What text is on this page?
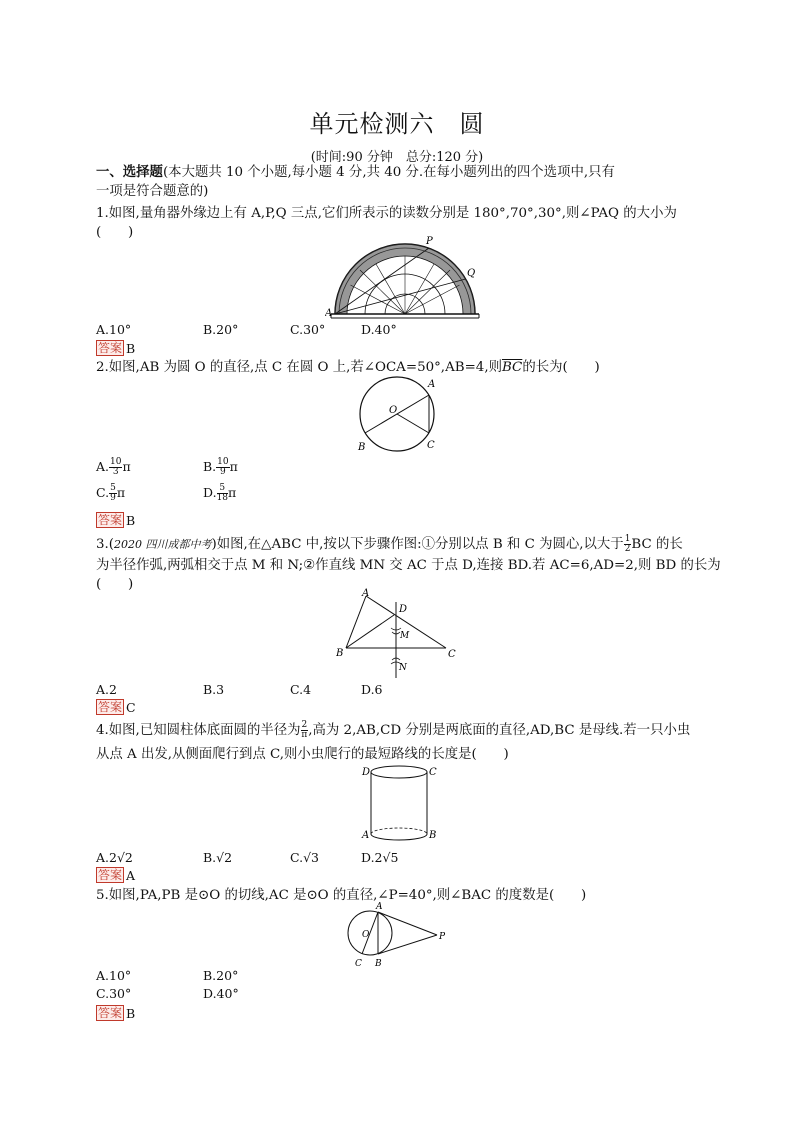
单元检测六　圆
(时间:90 分钟　总分:120 分)
一、选择题(本大题共 10 个小题,每小题 4 分,共 40 分.在每小题列出的四个选项中,只有
一项是符合题意的)
1.如图,量角器外缘边上有 A,P,Q 三点,它们所表示的读数分别是 180°,70°,30°,则∠PAQ 的大小为
(　　)
A
P
Q
A.10°	B.20°	C.30°	D.40°
答案 B
2.如图,AB 为圆 O 的直径,点 C 在圆 O 上,若∠OCA=50°,AB=4,则$\overline{BC}$的长为(　　)
A
O
B	C
A. $\frac{10}{3}$ π	B. $\frac{10}{9}$ π
C. $\frac{5}{9}$ π	D. $\frac{5}{18}$ π
答案 B
3.(2020 四川成都中考)如图,在△ABC 中,按以下步骤作图:①分别以点 B 和 C 为圆心,以大于 $\frac{1}{2}$ BC 的长
为半径作弧,两弧相交于点 M 和 N;②作直线 MN 交 AC 于点 D,连接 BD.若 AC=6,AD=2,则 BD 的长为
(　　)
A
D
M
B	C
N
A.2	B.3	C.4	D.6
答案 C
4.如图,已知圆柱体底面圆的半径为 $\frac{2}{\pi}$ ,高为 2,AB,CD 分别是两底面的直径,AD,BC 是母线.若一只小虫
从点 A 出发,从侧面爬行到点 C,则小虫爬行的最短路线的长度是(　　)
D	C
A	B
A.2√2	B.√2	C.√3	D.2√5
答案 A
5.如图,PA,PB 是⊙O 的切线,AC 是⊙O 的直径,∠P=40°,则∠BAC 的度数是(　　)
A
O	P
C B
A.10°	B.20°
C.30°	D.40°
答案 B
